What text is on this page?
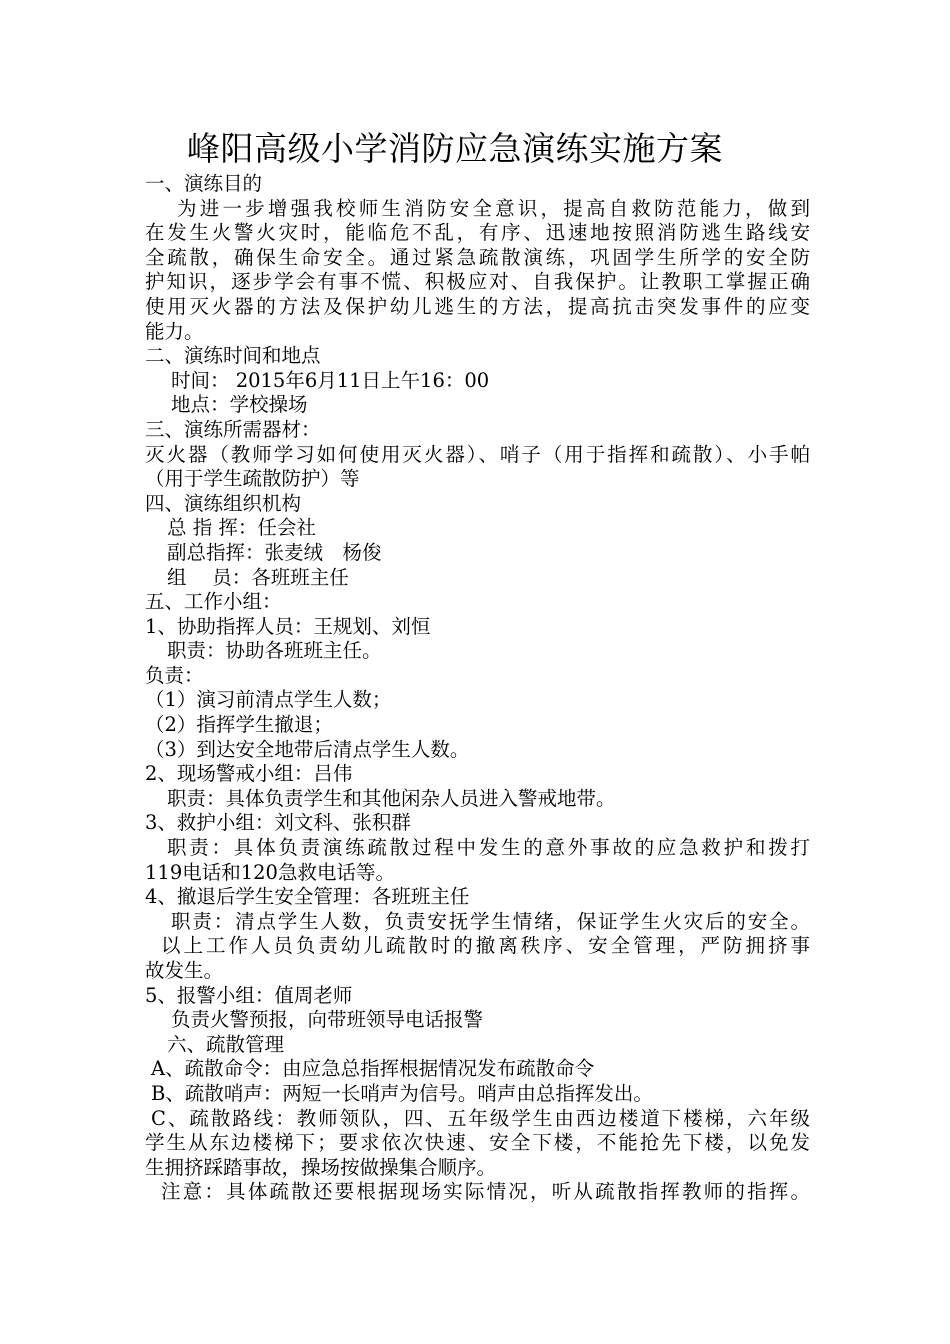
峰阳高级小学消防应急演练实施方案
一、演练目的
为进一步增强我校师生消防安全意识，提高自救防范能力，做到
在发生火警火灾时，能临危不乱，有序、迅速地按照消防逃生路线安
全疏散，确保生命安全。通过紧急疏散演练，巩固学生所学的安全防
护知识，逐步学会有事不慌、积极应对、自我保护。让教职工掌握正确
使用灭火器的方法及保护幼儿逃生的方法，提高抗击突发事件的应变
能力。
二、演练时间和地点
时间： 2015年6月11日上午16：00
地点：学校操场
三、演练所需器材：
灭火器（教师学习如何使用灭火器）、哨子（用于指挥和疏散）、小手帕
（用于学生疏散防护）等
四、演练组织机构
总 指 挥：任会社
副总指挥：张麦绒　杨俊
组　 员：各班班主任
五、工作小组：
1、协助指挥人员：王规划、刘恒
职责：协助各班班主任。
负责：
（1）演习前清点学生人数；
（2）指挥学生撤退；
（3）到达安全地带后清点学生人数。
2、现场警戒小组：吕伟
职责：具体负责学生和其他闲杂人员进入警戒地带。
3、救护小组：刘文科、张积群
职责：具体负责演练疏散过程中发生的意外事故的应急救护和拨打
119电话和120急救电话等。
4、撤退后学生安全管理：各班班主任
职责：清点学生人数，负责安抚学生情绪，保证学生火灾后的安全。
以上工作人员负责幼儿疏散时的撤离秩序、安全管理，严防拥挤事
故发生。
5、报警小组：值周老师
负责火警预报，向带班领导电话报警
六、疏散管理
A、疏散命令：由应急总指挥根据情况发布疏散命令
B、疏散哨声：两短一长哨声为信号。哨声由总指挥发出。
C、疏散路线：教师领队，四、五年级学生由西边楼道下楼梯，六年级
学生从东边楼梯下；要求依次快速、安全下楼，不能抢先下楼，以免发
生拥挤踩踏事故，操场按做操集合顺序。
注意：具体疏散还要根据现场实际情况，听从疏散指挥教师的指挥。
